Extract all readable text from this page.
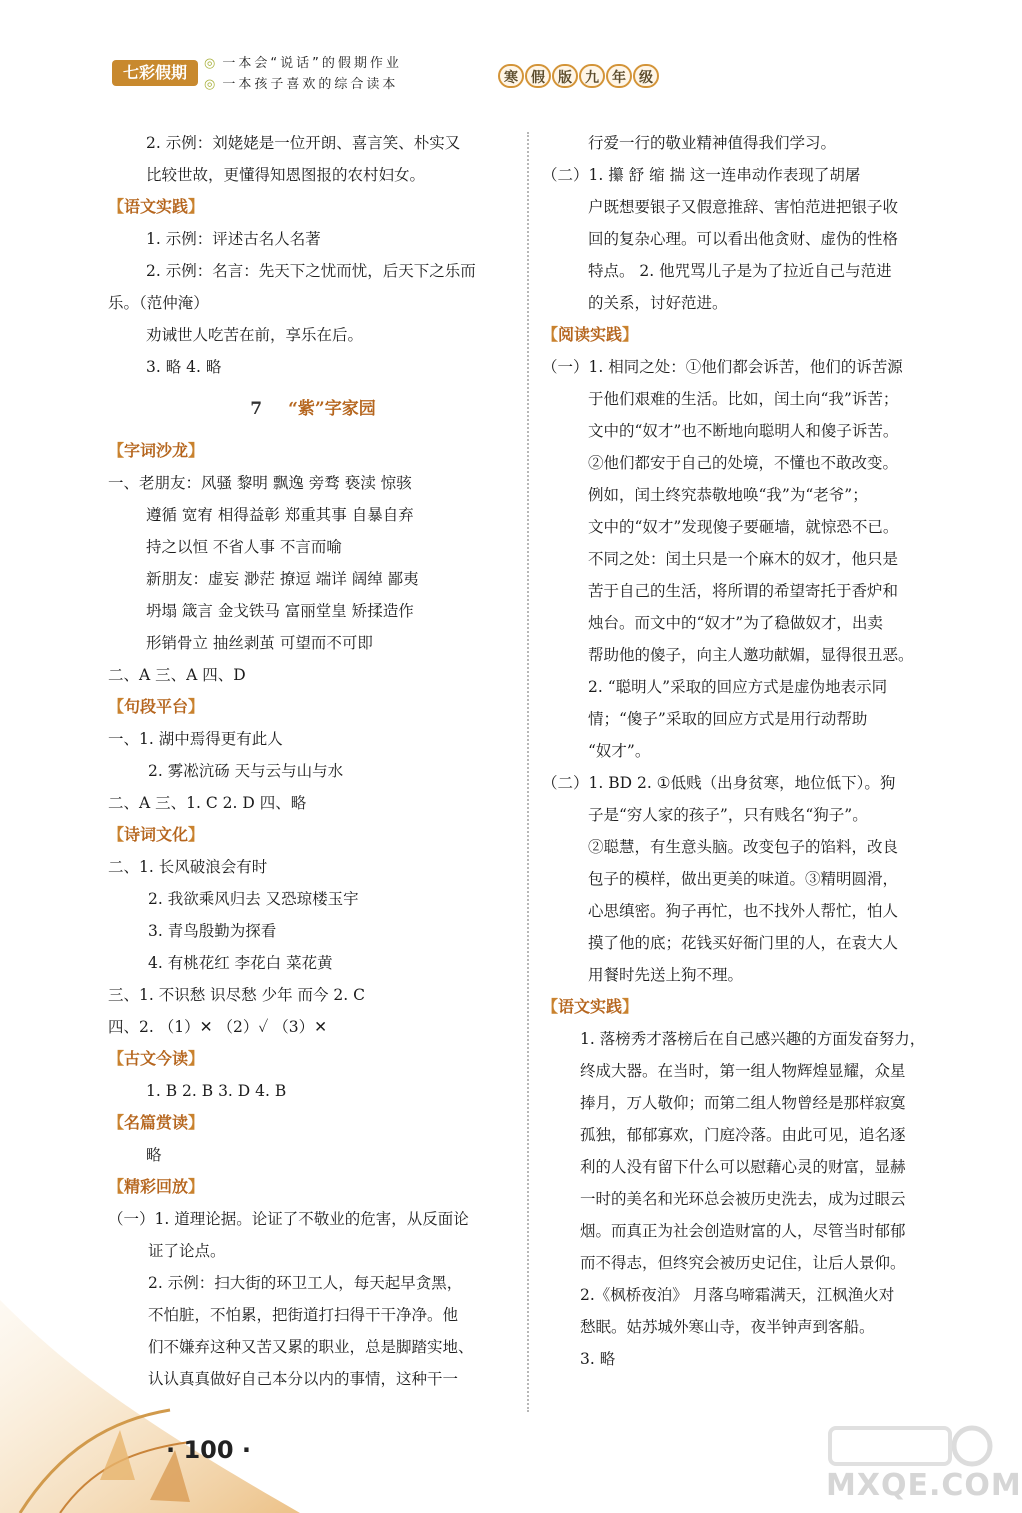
七彩假期	◎ 一本会“说话”的假期作业
◎ 一本孩子喜欢的综合读本	寒 假 版 九 年 级
2. 示例：刘姥姥是一位开朗、喜言笑、朴实又
比较世故，更懂得知恩图报的农村妇女。
【语文实践】
1. 示例：评述古名人名著
2. 示例：名言：先天下之忧而忧，后天下之乐而
乐。（范仲淹）
劝诫世人吃苦在前，享乐在后。
3. 略 4. 略
7 “紫”字家园
【字词沙龙】
一、老朋友：风骚 黎明 飘逸 旁骛 亵渎 惊骇
遵循 宽宥 相得益彰 郑重其事 自暴自弃
持之以恒 不省人事 不言而喻
新朋友：虚妄 渺茫 撩逗 端详 阔绰 鄙夷
坍塌 箴言 金戈铁马 富丽堂皇 矫揉造作
形销骨立 抽丝剥茧 可望而不可即
二、A 三、A 四、D
【句段平台】
一、1. 湖中焉得更有此人
2. 雾凇沆砀 天与云与山与水
二、A 三、1. C 2. D 四、略
【诗词文化】
二、1. 长风破浪会有时
2. 我欲乘风归去 又恐琼楼玉宇
3. 青鸟殷勤为探看
4. 有桃花红 李花白 菜花黄
三、1. 不识愁 识尽愁 少年 而今 2. C
四、2. （1）✕ （2）✓ （3）✕
【古文今读】
1. B 2. B 3. D 4. B
【名篇赏读】
略
【精彩回放】
（一）1. 道理论据。论证了不敬业的危害，从反面论
证了论点。
2. 示例：扫大街的环卫工人，每天起早贪黑，
不怕脏，不怕累，把街道打扫得干干净净。他
们不嫌弃这种又苦又累的职业，总是脚踏实地、
认认真真做好自己本分以内的事情，这种干一
行爱一行的敬业精神值得我们学习。
（二）1. 攥 舒 缩 揣 这一连串动作表现了胡屠
户既想要银子又假意推辞、害怕范进把银子收
回的复杂心理。可以看出他贪财、虚伪的性格
特点。 2. 他咒骂儿子是为了拉近自己与范进
的关系，讨好范进。
【阅读实践】
（一）1. 相同之处：①他们都会诉苦，他们的诉苦源
于他们艰难的生活。比如，闰土向“我”诉苦；
文中的“奴才”也不断地向聪明人和傻子诉苦。
②他们都安于自己的处境，不懂也不敢改变。
例如，闰土终究恭敬地唤“我”为“老爷”；
文中的“奴才”发现傻子要砸墙，就惊恐不已。
不同之处：闰土只是一个麻木的奴才，他只是
苦于自己的生活，将所谓的希望寄托于香炉和
烛台。而文中的“奴才”为了稳做奴才，出卖
帮助他的傻子，向主人邀功献媚，显得很丑恶。
2. “聪明人”采取的回应方式是虚伪地表示同
情；“傻子”采取的回应方式是用行动帮助
“奴才”。
（二）1. BD 2. ①低贱（出身贫寒，地位低下）。狗
子是“穷人家的孩子”，只有贱名“狗子”。
②聪慧，有生意头脑。改变包子的馅料，改良
包子的模样，做出更美的味道。③精明圆滑，
心思缜密。狗子再忙，也不找外人帮忙，怕人
摸了他的底；花钱买好衙门里的人，在袁大人
用餐时先送上狗不理。
【语文实践】
1. 落榜秀才落榜后在自己感兴趣的方面发奋努力，
终成大器。在当时，第一组人物辉煌显耀，众星
捧月，万人敬仰；而第二组人物曾经是那样寂寞
孤独，郁郁寡欢，门庭冷落。由此可见，追名逐
利的人没有留下什么可以慰藉心灵的财富，显赫
一时的美名和光环总会被历史洗去，成为过眼云
烟。而真正为社会创造财富的人，尽管当时郁郁
而不得志，但终究会被历史记住，让后人景仰。
2.《枫桥夜泊》 月落乌啼霜满天，江枫渔火对
愁眠。姑苏城外寒山寺，夜半钟声到客船。
3. 略
· 100 ·
MXQE.COM
